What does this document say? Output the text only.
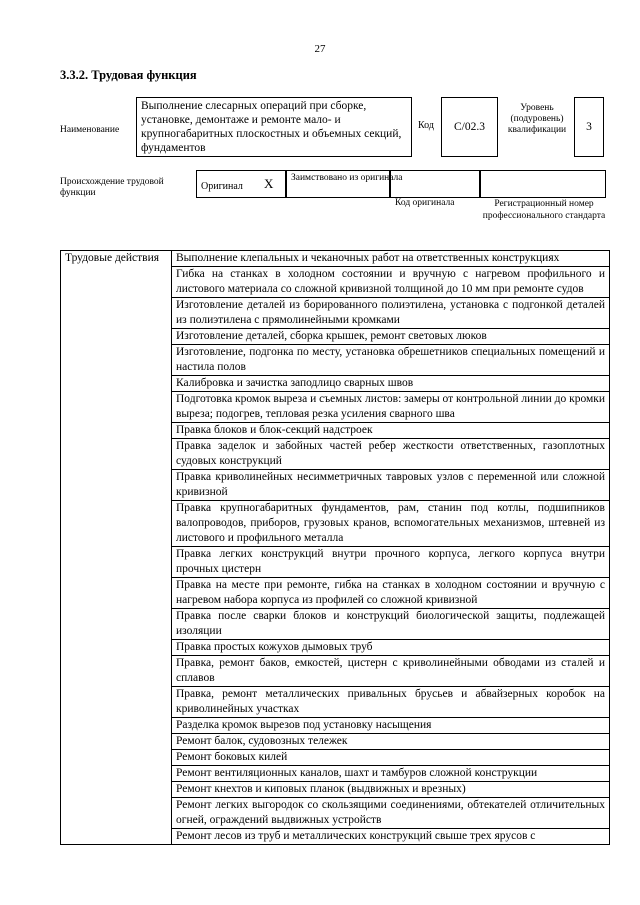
27
3.3.2. Трудовая функция
Наименование
Выполнение слесарных операций при сборке, установке, демонтаже и ремонте мало- и крупногабаритных плоскостных и объемных секций, фундаментов
Код	C/02.3
Уровень (подуровень) квалификации	3
Происхождение трудовой функции
Оригинал X Заимствовано из оригинала
Код оригинала	Регистрационный номер профессионального стандарта
Трудовые действия	Выполнение клепальных и чеканочных работ на ответственных конструкциях
Гибка на станках в холодном состоянии и вручную с нагревом профильного и листового материала со сложной кривизной толщиной до 10 мм при ремонте судов
Изготовление деталей из борированного полиэтилена, установка с подгонкой деталей из полиэтилена с прямолинейными кромками
Изготовление деталей, сборка крышек, ремонт световых люков
Изготовление, подгонка по месту, установка обрешетников специальных помещений и настила полов
Калибровка и зачистка заподлицо сварных швов
Подготовка кромок выреза и съемных листов: замеры от контрольной линии до кромки выреза; подогрев, тепловая резка усиления сварного шва
Правка блоков и блок-секций надстроек
Правка заделок и забойных частей ребер жесткости ответственных, газоплотных судовых конструкций
Правка криволинейных несимметричных тавровых узлов с переменной или сложной кривизной
Правка крупногабаритных фундаментов, рам, станин под котлы, подшипников валопроводов, приборов, грузовых кранов, вспомогательных механизмов, штевней из листового и профильного металла
Правка легких конструкций внутри прочного корпуса, легкого корпуса внутри прочных цистерн
Правка на месте при ремонте, гибка на станках в холодном состоянии и вручную с нагревом набора корпуса из профилей со сложной кривизной
Правка после сварки блоков и конструкций биологической защиты, подлежащей изоляции
Правка простых кожухов дымовых труб
Правка, ремонт баков, емкостей, цистерн с криволинейными обводами из сталей и сплавов
Правка, ремонт металлических привальных брусьев и абвайзерных коробок на криволинейных участках
Разделка кромок вырезов под установку насыщения
Ремонт балок, судовозных тележек
Ремонт боковых килей
Ремонт вентиляционных каналов, шахт и тамбуров сложной конструкции
Ремонт кнехтов и киповых планок (выдвижных и врезных)
Ремонт легких выгородок со скользящими соединениями, обтекателей отличительных огней, ограждений выдвижных устройств
Ремонт лесов из труб и металлических конструкций свыше трех ярусов с
